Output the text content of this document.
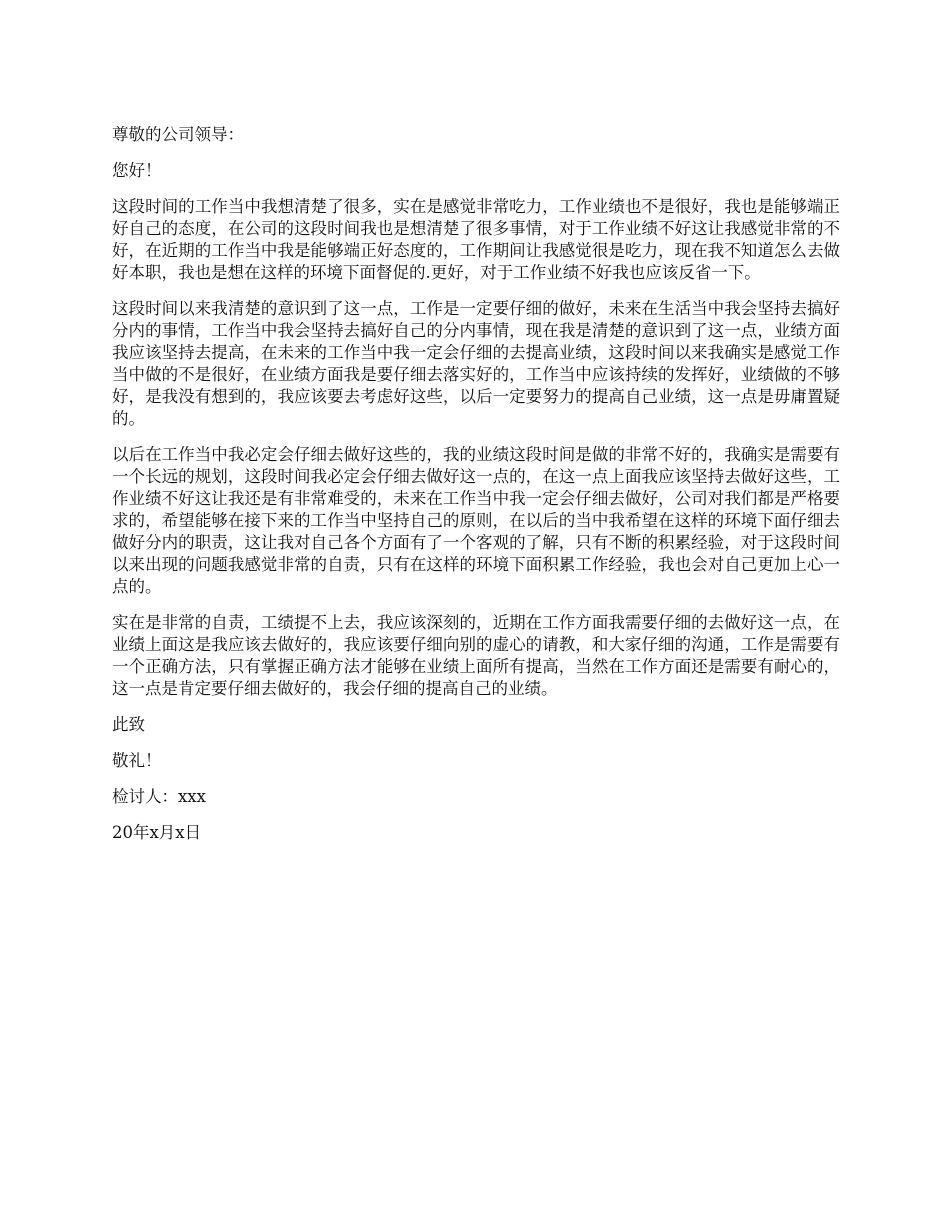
尊敬的公司领导：

您好！

这段时间的工作当中我想清楚了很多，实在是感觉非常吃力，工作业绩也不是很好，我也是能够端正好自己的态度，在公司的这段时间我也是想清楚了很多事情，对于工作业绩不好这让我感觉非常的不好，在近期的工作当中我是能够端正好态度的，工作期间让我感觉很是吃力，现在我不知道怎么去做好本职，我也是想在这样的环境下面督促的.更好，对于工作业绩不好我也应该反省一下。

这段时间以来我清楚的意识到了这一点，工作是一定要仔细的做好，未来在生活当中我会坚持去搞好分内的事情，工作当中我会坚持去搞好自己的分内事情，现在我是清楚的意识到了这一点，业绩方面我应该坚持去提高，在未来的工作当中我一定会仔细的去提高业绩，这段时间以来我确实是感觉工作当中做的不是很好，在业绩方面我是要仔细去落实好的，工作当中应该持续的发挥好，业绩做的不够好，是我没有想到的，我应该要去考虑好这些，以后一定要努力的提高自己业绩，这一点是毋庸置疑的。

以后在工作当中我必定会仔细去做好这些的，我的业绩这段时间是做的非常不好的，我确实是需要有一个长远的规划，这段时间我必定会仔细去做好这一点的，在这一点上面我应该坚持去做好这些，工作业绩不好这让我还是有非常难受的，未来在工作当中我一定会仔细去做好，公司对我们都是严格要求的，希望能够在接下来的工作当中坚持自己的原则，在以后的当中我希望在这样的环境下面仔细去做好分内的职责，这让我对自己各个方面有了一个客观的了解，只有不断的积累经验，对于这段时间以来出现的问题我感觉非常的自责，只有在这样的环境下面积累工作经验，我也会对自己更加上心一点的。

实在是非常的自责，工绩提不上去，我应该深刻的，近期在工作方面我需要仔细的去做好这一点，在业绩上面这是我应该去做好的，我应该要仔细向别的虚心的请教，和大家仔细的沟通，工作是需要有一个正确方法，只有掌握正确方法才能够在业绩上面所有提高，当然在工作方面还是需要有耐心的，这一点是肯定要仔细去做好的，我会仔细的提高自己的业绩。

此致

敬礼！

检讨人：xxx

20年x月x日
